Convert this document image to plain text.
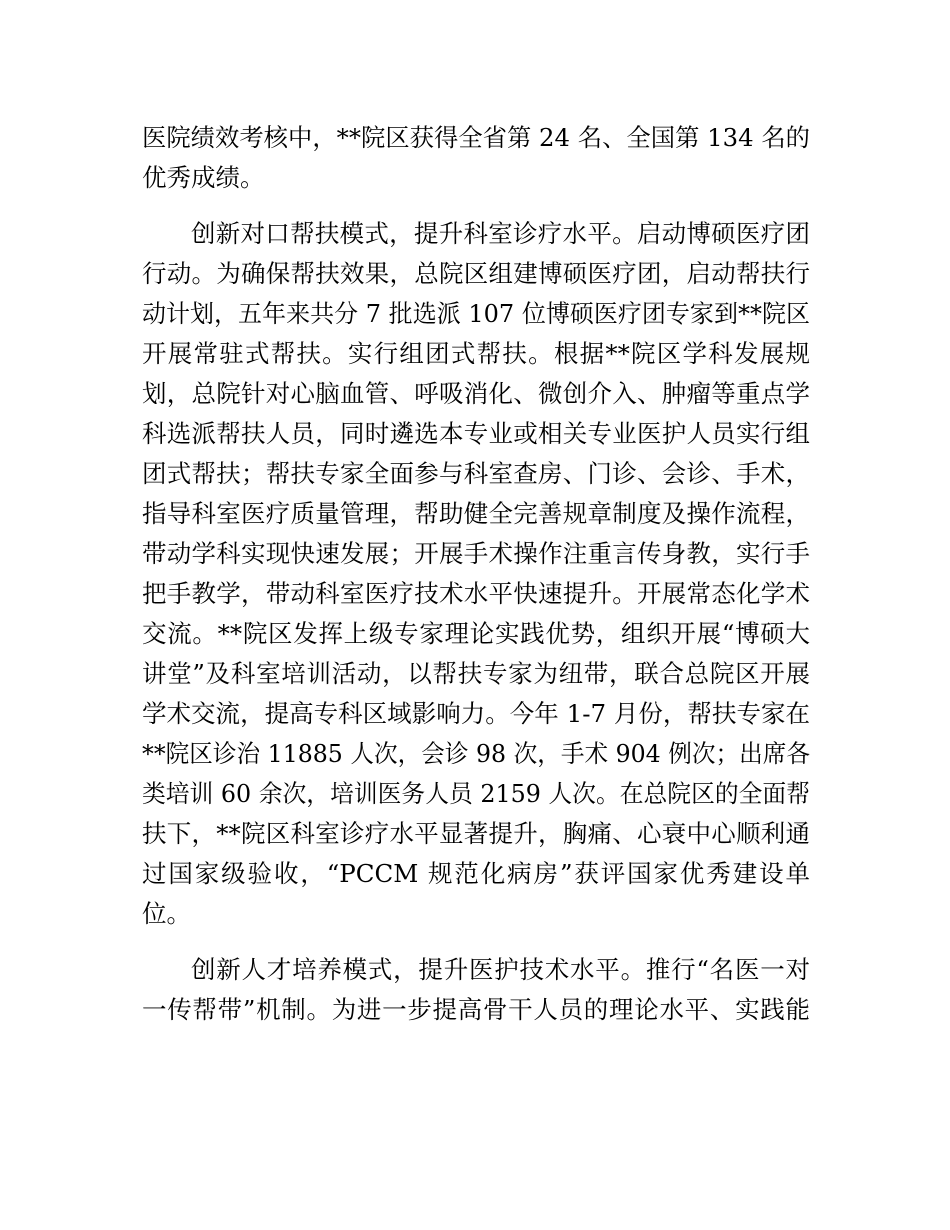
医院绩效考核中，**院区获得全省第 24 名、全国第 134 名的
优秀成绩。
创新对口帮扶模式，提升科室诊疗水平。启动博硕医疗团
行动。为确保帮扶效果，总院区组建博硕医疗团，启动帮扶行
动计划，五年来共分 7 批选派 107 位博硕医疗团专家到**院区
开展常驻式帮扶。实行组团式帮扶。根据**院区学科发展规
划，总院针对心脑血管、呼吸消化、微创介入、肿瘤等重点学
科选派帮扶人员，同时遴选本专业或相关专业医护人员实行组
团式帮扶；帮扶专家全面参与科室查房、门诊、会诊、手术，
指导科室医疗质量管理，帮助健全完善规章制度及操作流程，
带动学科实现快速发展；开展手术操作注重言传身教，实行手
把手教学，带动科室医疗技术水平快速提升。开展常态化学术
交流。**院区发挥上级专家理论实践优势，组织开展“博硕大
讲堂”及科室培训活动，以帮扶专家为纽带，联合总院区开展
学术交流，提高专科区域影响力。今年 1-7 月份，帮扶专家在
**院区诊治 11885 人次，会诊 98 次，手术 904 例次；出席各
类培训 60 余次，培训医务人员 2159 人次。在总院区的全面帮
扶下，**院区科室诊疗水平显著提升，胸痛、心衰中心顺利通
过国家级验收，“PCCM 规范化病房”获评国家优秀建设单
位。
创新人才培养模式，提升医护技术水平。推行“名医一对
一传帮带”机制。为进一步提高骨干人员的理论水平、实践能
